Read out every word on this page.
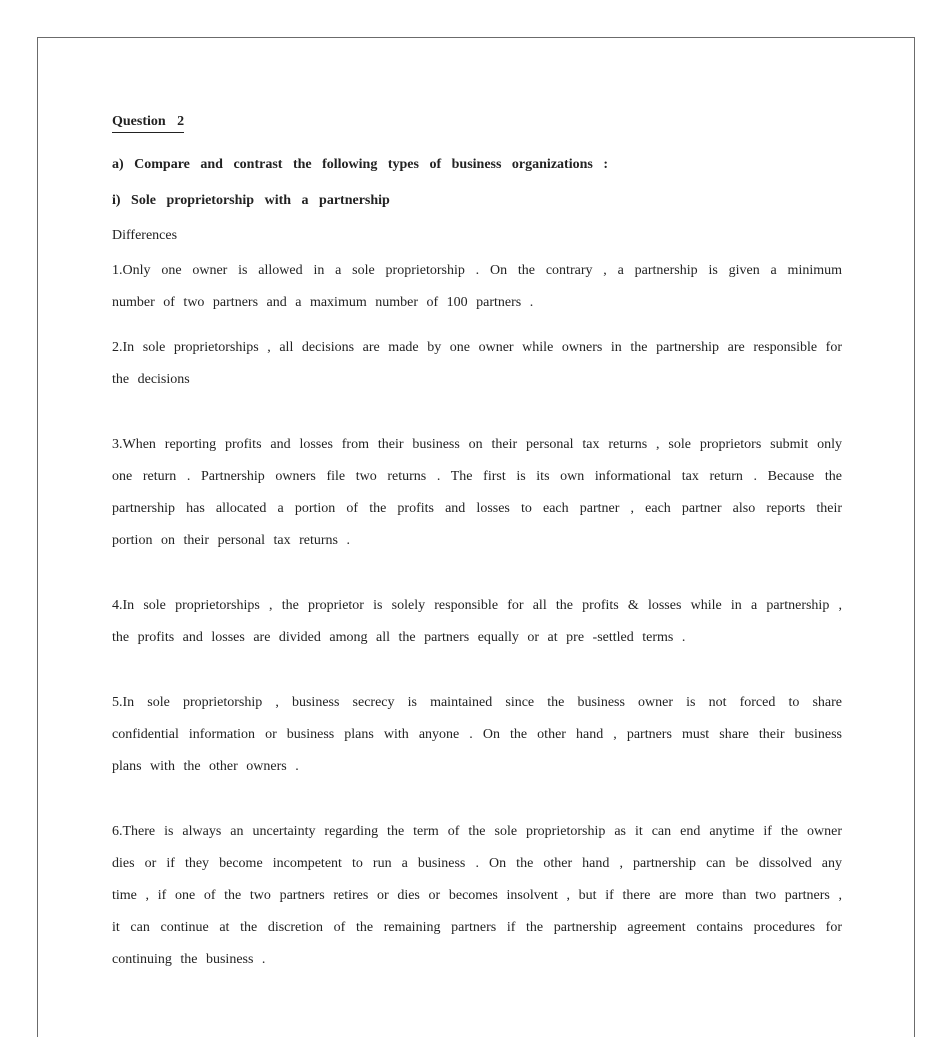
Question 2

a) Compare and contrast the following types of business organizations :

i) Sole proprietorship with a partnership

Differences

1.Only one owner is allowed in a sole proprietorship . On the contrary , a partnership is given a minimum number of two partners and a maximum number of 100 partners .

2.In sole proprietorships , all decisions are made by one owner while owners in the partnership are responsible for the decisions

3.When reporting profits and losses from their business on their personal tax returns , sole proprietors submit only one return . Partnership owners file two returns . The first is its own informational tax return . Because the partnership has allocated a portion of the profits and losses to each partner , each partner also reports their portion on their personal tax returns .

4.In sole proprietorships , the proprietor is solely responsible for all the profits & losses while in a partnership , the profits and losses are divided among all the partners equally or at pre -settled terms .

5.In sole proprietorship , business secrecy is maintained since the business owner is not forced to share confidential information or business plans with anyone . On the other hand , partners must share their business plans with the other owners .

6.There is always an uncertainty regarding the term of the sole proprietorship as it can end anytime if the owner dies or if they become incompetent to run a business . On the other hand , partnership can be dissolved any time , if one of the two partners retires or dies or becomes insolvent , but if there are more than two partners , it can continue at the discretion of the remaining partners if the partnership agreement contains procedures for continuing the business .
